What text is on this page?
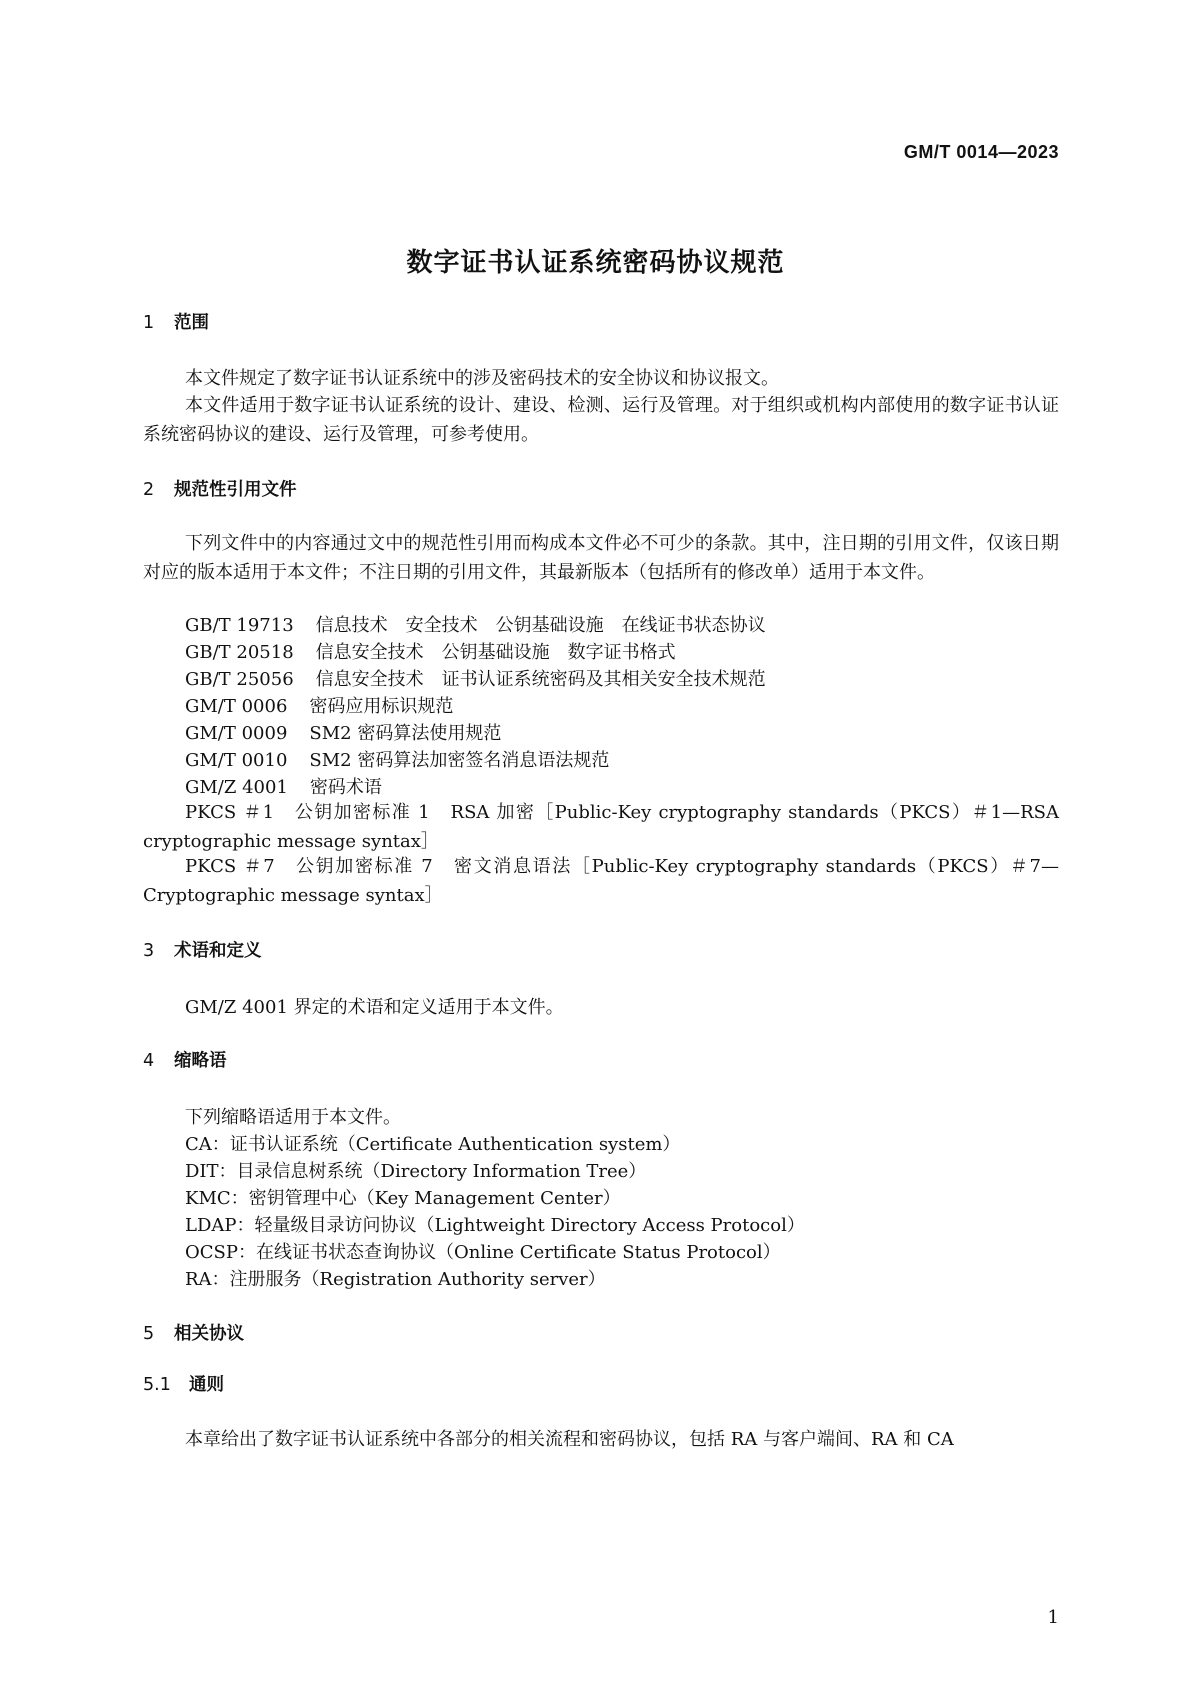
GM/T 0014—2023
数字证书认证系统密码协议规范
1 范围
本文件规定了数字证书认证系统中的涉及密码技术的安全协议和协议报文。
本文件适用于数字证书认证系统的设计、建设、检测、运行及管理。对于组织或机构内部使用的数字证书认证系统密码协议的建设、运行及管理，可参考使用。
2 规范性引用文件
下列文件中的内容通过文中的规范性引用而构成本文件必不可少的条款。其中，注日期的引用文件，仅该日期对应的版本适用于本文件；不注日期的引用文件，其最新版本（包括所有的修改单）适用于本文件。
GB/T 19713 信息技术 安全技术 公钥基础设施 在线证书状态协议
GB/T 20518 信息安全技术 公钥基础设施 数字证书格式
GB/T 25056 信息安全技术 证书认证系统密码及其相关安全技术规范
GM/T 0006 密码应用标识规范
GM/T 0009 SM2 密码算法使用规范
GM/T 0010 SM2 密码算法加密签名消息语法规范
GM/Z 4001 密码术语
PKCS ＃1　公钥加密标准 1　RSA 加密［Public-Key cryptography standards（PKCS）＃1—RSA cryptographic message syntax］
PKCS ＃7　公钥加密标准 7　密文消息语法［Public-Key cryptography standards（PKCS）＃7—Cryptographic message syntax］
3 术语和定义
GM/Z 4001 界定的术语和定义适用于本文件。
4 缩略语
下列缩略语适用于本文件。
CA：证书认证系统（Certificate Authentication system）
DIT：目录信息树系统（Directory Information Tree）
KMC：密钥管理中心（Key Management Center）
LDAP：轻量级目录访问协议（Lightweight Directory Access Protocol）
OCSP：在线证书状态查询协议（Online Certificate Status Protocol）
RA：注册服务（Registration Authority server）
5 相关协议
5.1 通则
本章给出了数字证书认证系统中各部分的相关流程和密码协议，包括 RA 与客户端间、RA 和 CA
1
